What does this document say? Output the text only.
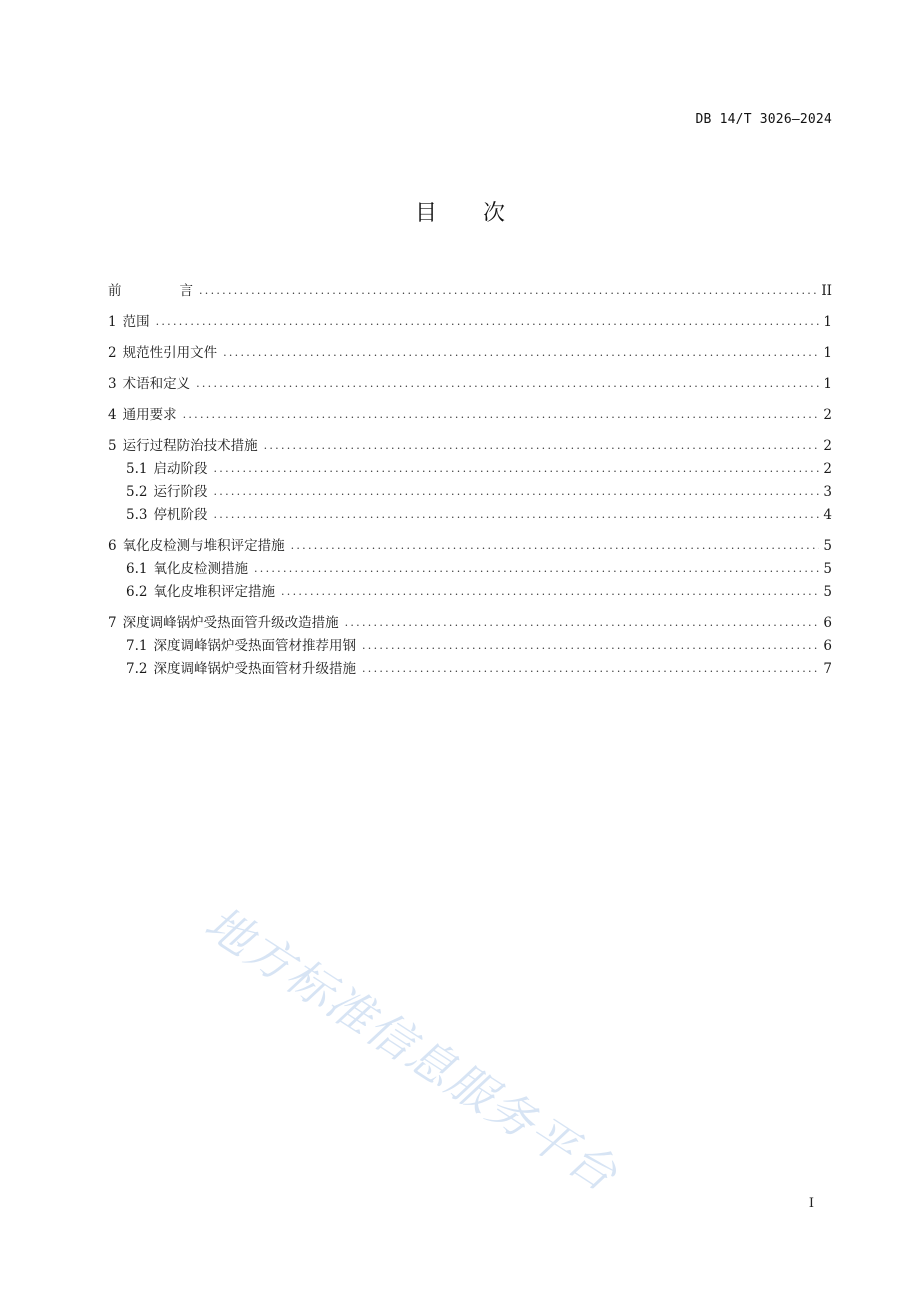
DB 14/T 3026—2024
目 次
前	言 . . .	II
1 范围 . . .	1
2 规范性引用文件 . . .	1
3 术语和定义 . . .	1
4 通用要求 . . .	2
5 运行过程防治技术措施 . . .	2
5.1 启动阶段 . . .	2
5.2 运行阶段 . . .	3
5.3 停机阶段 . . .	4
6 氧化皮检测与堆积评定措施 . . .	5
6.1 氧化皮检测措施 . . .	5
6.2 氧化皮堆积评定措施 . . .	5
7 深度调峰锅炉受热面管升级改造措施 . . .	6
7.1 深度调峰锅炉受热面管材推荐用钢 . . .	6
7.2 深度调峰锅炉受热面管材升级措施 . . .	7
地方标准信息服务平台
I
